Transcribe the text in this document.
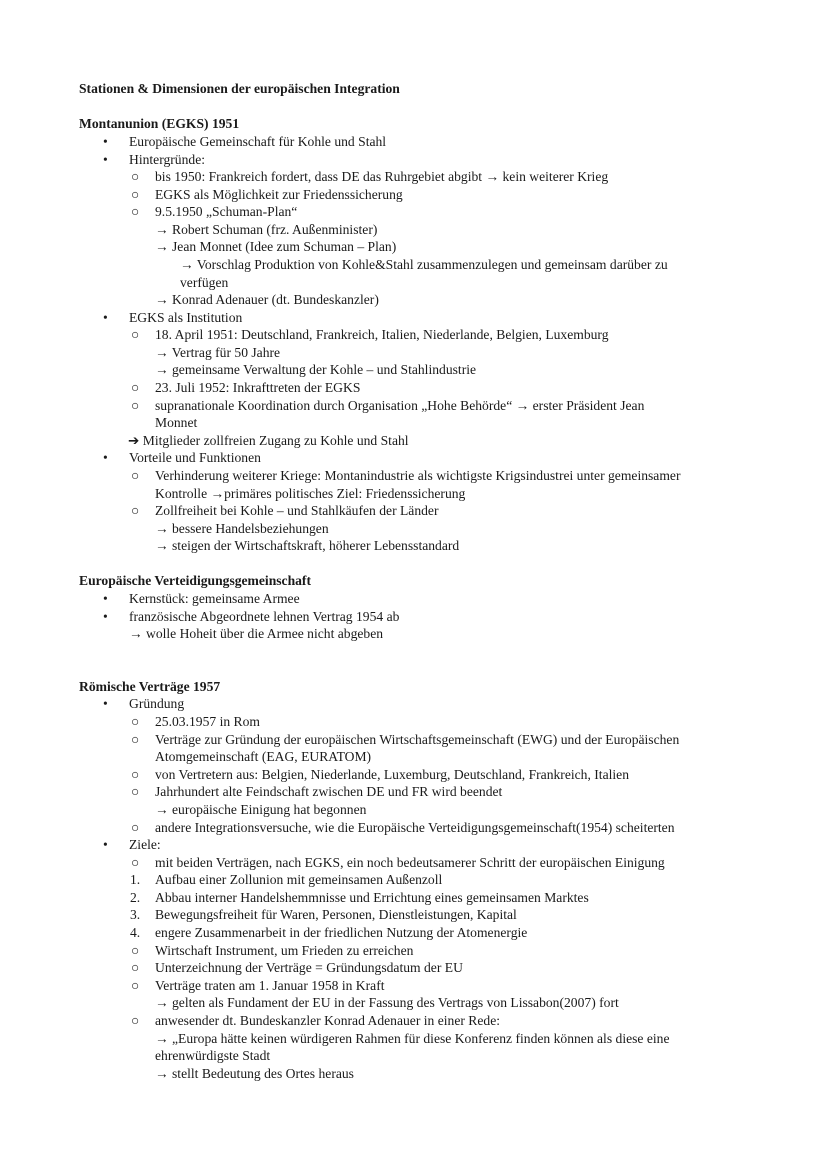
Stationen & Dimensionen der europäischen Integration
Montanunion (EGKS) 1951
• Europäische Gemeinschaft für Kohle und Stahl
• Hintergründe:
○ bis 1950: Frankreich fordert, dass DE das Ruhrgebiet abgibt → kein weiterer Krieg
○ EGKS als Möglichkeit zur Friedenssicherung
○ 9.5.1950 „Schuman-Plan“
→ Robert Schuman (frz. Außenminister)
→ Jean Monnet (Idee zum Schuman – Plan)
→ Vorschlag Produktion von Kohle&Stahl zusammenzulegen und gemeinsam darüber zu
verfügen
→ Konrad Adenauer (dt. Bundeskanzler)
• EGKS als Institution
○ 18. April 1951: Deutschland, Frankreich, Italien, Niederlande, Belgien, Luxemburg
→ Vertrag für 50 Jahre
→ gemeinsame Verwaltung der Kohle – und Stahlindustrie
○ 23. Juli 1952: Inkrafttreten der EGKS
○ supranationale Koordination durch Organisation „Hohe Behörde“ → erster Präsident Jean
Monnet
➔ Mitglieder zollfreien Zugang zu Kohle und Stahl
• Vorteile und Funktionen
○ Verhinderung weiterer Kriege: Montanindustrie als wichtigste Krigsindustrei unter gemeinsamer
Kontrolle →primäres politisches Ziel: Friedenssicherung
○ Zollfreiheit bei Kohle – und Stahlkäufen der Länder
→ bessere Handelsbeziehungen
→ steigen der Wirtschaftskraft, höherer Lebensstandard
Europäische Verteidigungsgemeinschaft
• Kernstück: gemeinsame Armee
• französische Abgeordnete lehnen Vertrag 1954 ab
→ wolle Hoheit über die Armee nicht abgeben
Römische Verträge 1957
• Gründung
○ 25.03.1957 in Rom
○ Verträge zur Gründung der europäischen Wirtschaftsgemeinschaft (EWG) und der Europäischen
Atomgemeinschaft (EAG, EURATOM)
○ von Vertretern aus: Belgien, Niederlande, Luxemburg, Deutschland, Frankreich, Italien
○ Jahrhundert alte Feindschaft zwischen DE und FR wird beendet
→ europäische Einigung hat begonnen
○ andere Integrationsversuche, wie die Europäische Verteidigungsgemeinschaft(1954) scheiterten
• Ziele:
○ mit beiden Verträgen, nach EGKS, ein noch bedeutsamerer Schritt der europäischen Einigung
1. Aufbau einer Zollunion mit gemeinsamen Außenzoll
2. Abbau interner Handelshemmnisse und Errichtung eines gemeinsamen Marktes
3. Bewegungsfreiheit für Waren, Personen, Dienstleistungen, Kapital
4. engere Zusammenarbeit in der friedlichen Nutzung der Atomenergie
○ Wirtschaft Instrument, um Frieden zu erreichen
○ Unterzeichnung der Verträge = Gründungsdatum der EU
○ Verträge traten am 1. Januar 1958 in Kraft
→ gelten als Fundament der EU in der Fassung des Vertrags von Lissabon(2007) fort
○ anwesender dt. Bundeskanzler Konrad Adenauer in einer Rede:
→ „Europa hätte keinen würdigeren Rahmen für diese Konferenz finden können als diese eine
ehrenwürdigste Stadt
→ stellt Bedeutung des Ortes heraus
